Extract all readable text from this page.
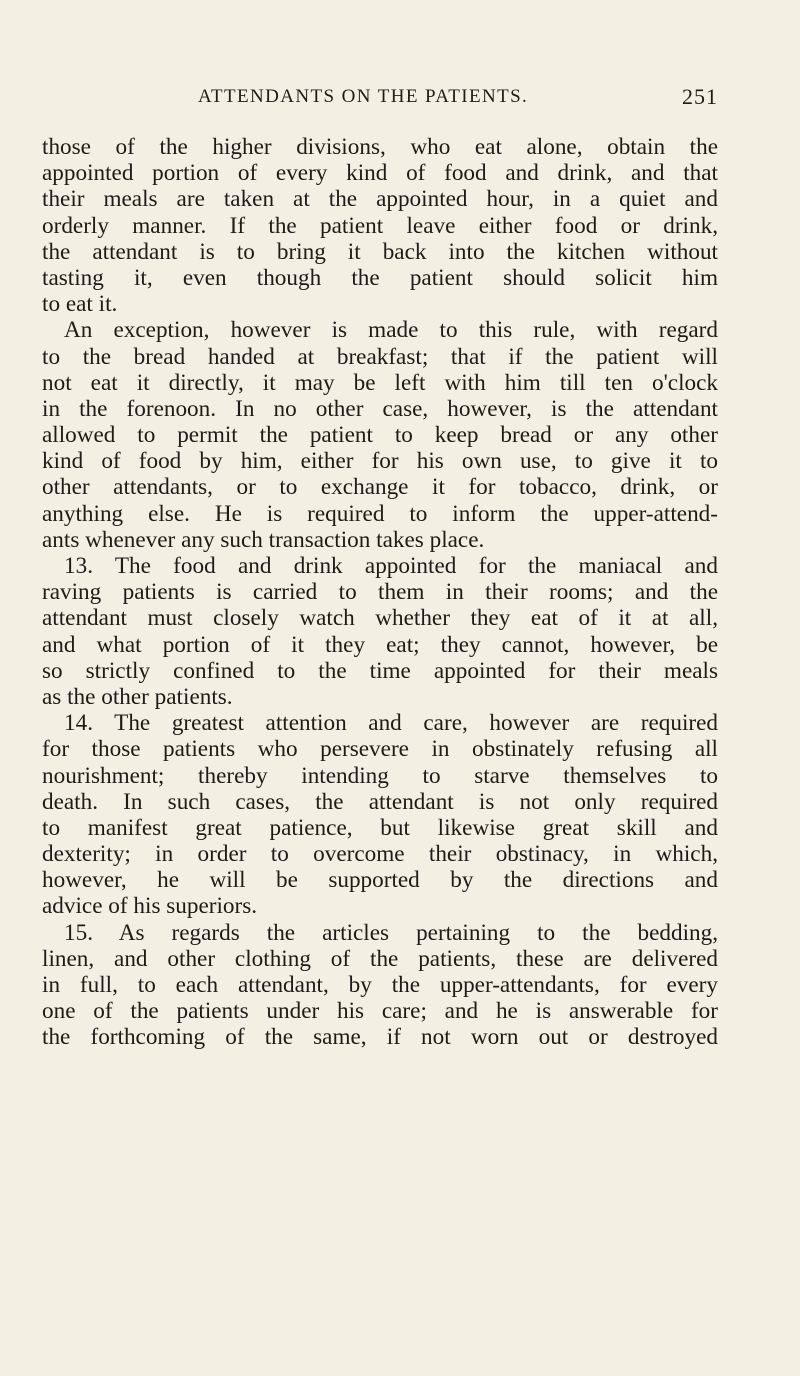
ATTENDANTS ON THE PATIENTS.	251
those of the higher divisions, who eat alone, obtain the
appointed portion of every kind of food and drink, and that
their meals are taken at the appointed hour, in a quiet and
orderly manner. If the patient leave either food or drink,
the attendant is to bring it back into the kitchen without
tasting it, even though the patient should solicit him
to eat it.
An exception, however is made to this rule, with regard
to the bread handed at breakfast; that if the patient will
not eat it directly, it may be left with him till ten o'clock
in the forenoon. In no other case, however, is the attendant
allowed to permit the patient to keep bread or any other
kind of food by him, either for his own use, to give it to
other attendants, or to exchange it for tobacco, drink, or
anything else. He is required to inform the upper-attend-
ants whenever any such transaction takes place.
13. The food and drink appointed for the maniacal and
raving patients is carried to them in their rooms; and the
attendant must closely watch whether they eat of it at all,
and what portion of it they eat; they cannot, however, be
so strictly confined to the time appointed for their meals
as the other patients.
14. The greatest attention and care, however are required
for those patients who persevere in obstinately refusing all
nourishment; thereby intending to starve themselves to
death. In such cases, the attendant is not only required
to manifest great patience, but likewise great skill and
dexterity; in order to overcome their obstinacy, in which,
however, he will be supported by the directions and
advice of his superiors.
15. As regards the articles pertaining to the bedding,
linen, and other clothing of the patients, these are delivered
in full, to each attendant, by the upper-attendants, for every
one of the patients under his care; and he is answerable for
the forthcoming of the same, if not worn out or destroyed
